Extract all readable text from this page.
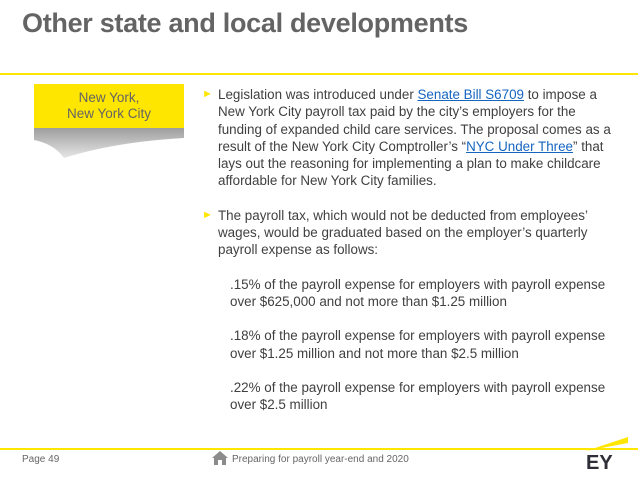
Other state and local developments
New York,
New York City
► Legislation was introduced under Senate Bill S6709 to impose a New York City payroll tax paid by the city’s employers for the funding of expanded child care services. The proposal comes as a result of the New York City Comptroller’s “NYC Under Three” that lays out the reasoning for implementing a plan to make childcare affordable for New York City families.
► The payroll tax, which would not be deducted from employees’ wages, would be graduated based on the employer’s quarterly payroll expense as follows:
.15% of the payroll expense for employers with payroll expense over $625,000 and not more than $1.25 million
.18% of the payroll expense for employers with payroll expense over $1.25 million and not more than $2.5 million
.22% of the payroll expense for employers with payroll expense over $2.5 million
Page 49	Preparing for payroll year-end and 2020	EY
